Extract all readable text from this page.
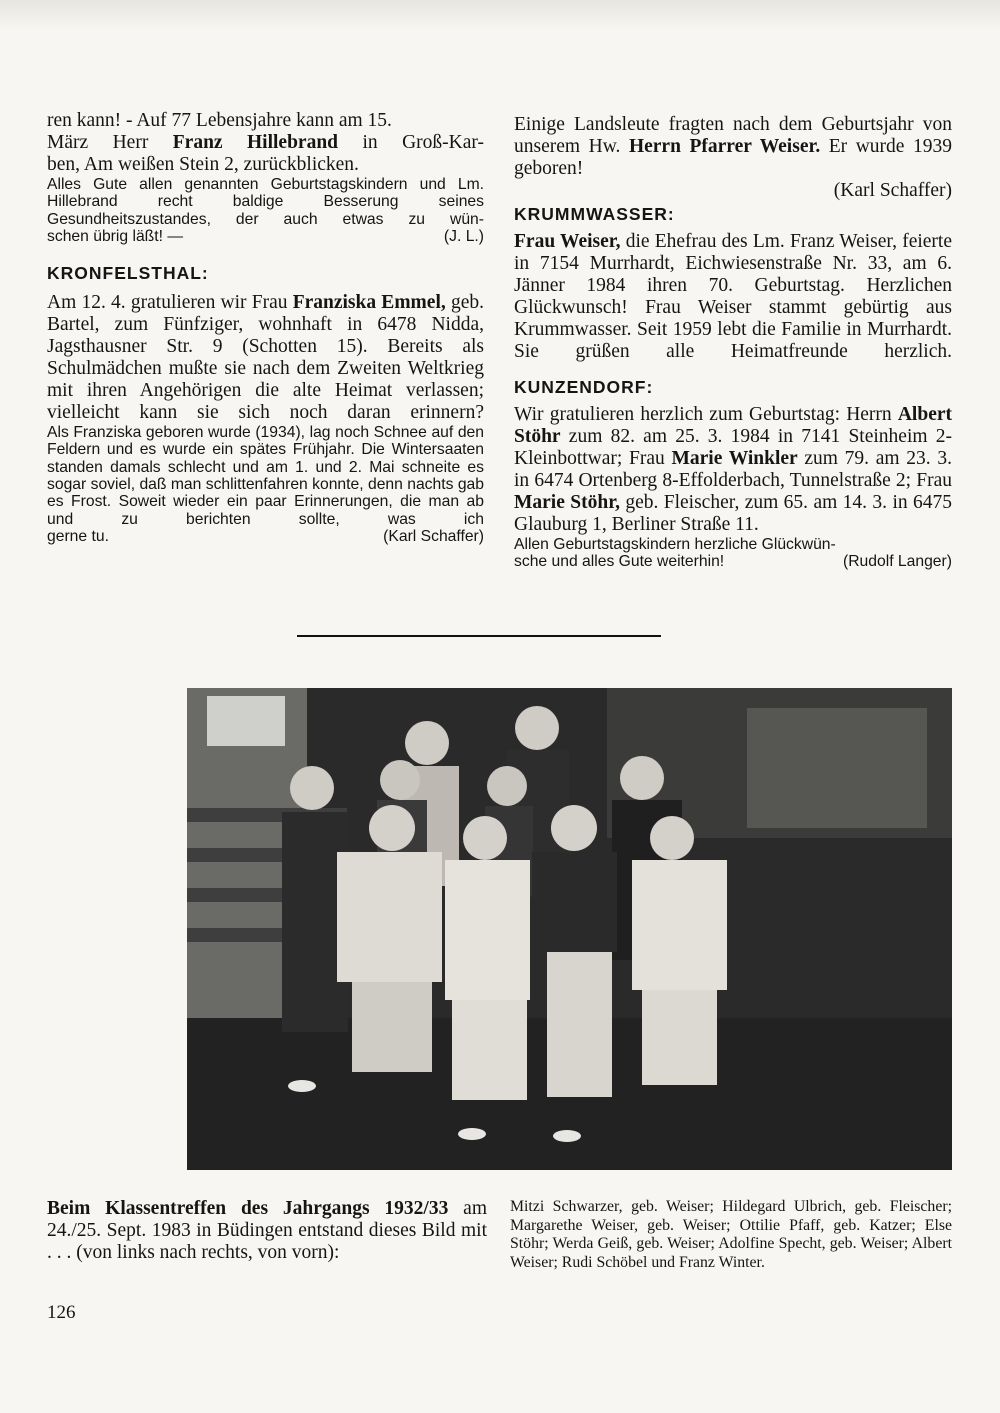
ren kann! - Auf 77 Lebensjahre kann am 15.

März Herr Franz Hillebrand in Groß-Kar-

ben, Am weißen Stein 2, zurückblicken.

Alles Gute allen genannten Geburtstagskindern und Lm. Hillebrand recht baldige Besserung seines Gesundheitszustandes, der auch etwas zu wün-

schen übrig läßt! —	(J. L.)
KRONFELSTHAL:

Am 12. 4. gratulieren wir Frau Franziska Emmel, geb. Bartel, zum Fünfziger, wohnhaft in 6478 Nidda, Jagsthausner Str. 9 (Schotten 15). Bereits als Schulmädchen mußte sie nach dem Zweiten Weltkrieg mit ihren Angehörigen die alte Heimat verlassen; vielleicht kann sie sich noch daran erinnern?

Als Franziska geboren wurde (1934), lag noch Schnee auf den Feldern und es wurde ein spätes Frühjahr. Die Wintersaaten standen damals schlecht und am 1. und 2. Mai schneite es sogar soviel, daß man schlittenfahren konnte, denn nachts gab es Frost. Soweit wieder ein paar Erinnerungen, die man ab und zu berichten sollte, was ich

gerne tu.	(Karl Schaffer)

Einige Landsleute fragten nach dem Geburtsjahr von unserem Hw. Herrn Pfarrer Weiser. Er wurde 1939 geboren!

(Karl Schaffer)
KRUMMWASSER:

Frau Weiser, die Ehefrau des Lm. Franz Weiser, feierte in 7154 Murrhardt, Eichwiesenstraße Nr. 33, am 6. Jänner 1984 ihren 70. Geburtstag. Herzlichen Glückwunsch! Frau Weiser stammt gebürtig aus Krummwasser. Seit 1959 lebt die Familie in Murrhardt. Sie grüßen alle Heimatfreunde herzlich.

KUNZENDORF:

Wir gratulieren herzlich zum Geburtstag: Herrn Albert Stöhr zum 82. am 25. 3. 1984 in 7141 Steinheim 2-Kleinbottwar; Frau Marie Winkler zum 79. am 23. 3. in 6474 Ortenberg 8-Effolderbach, Tunnelstraße 2; Frau Marie Stöhr, geb. Fleischer, zum 65. am 14. 3. in 6475 Glauburg 1, Berliner Straße 11.

Allen Geburtstagskindern herzliche Glückwün-

sche und alles Gute weiterhin!	(Rudolf Langer)

Beim Klassentreffen des Jahrgangs 1932/33 am 24./25. Sept. 1983 in Büdingen entstand dieses Bild mit . . . (von links nach rechts, von vorn):

Mitzi Schwarzer, geb. Weiser; Hildegard Ulbrich, geb. Fleischer; Margarethe Weiser, geb. Weiser; Ottilie Pfaff, geb. Katzer; Else Stöhr; Werda Geiß, geb. Weiser; Adolfine Specht, geb. Weiser; Albert Weiser; Rudi Schöbel und Franz Winter.

126
